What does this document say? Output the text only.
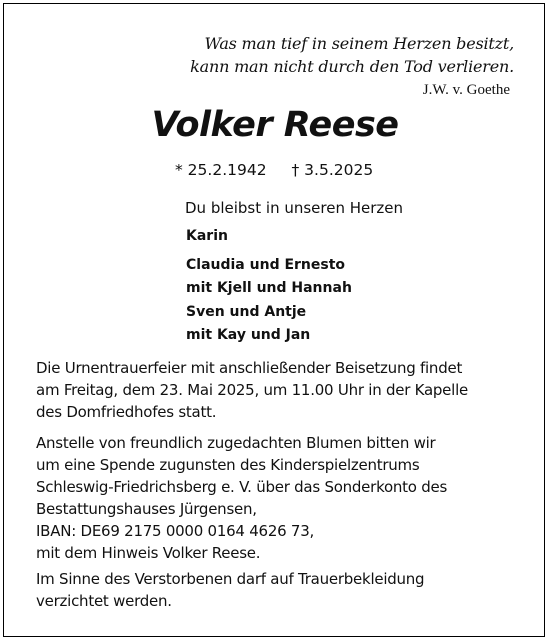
Was man tief in seinem Herzen besitzt,
kann man nicht durch den Tod verlieren.
J.W. v. Goethe
Volker Reese
* 25.2.1942 † 3.5.2025
Du bleibst in unseren Herzen
Karin
Claudia und Ernesto
mit Kjell und Hannah
Sven und Antje
mit Kay und Jan
Die Urnentrauerfeier mit anschließender Beisetzung findet
am Freitag, dem 23. Mai 2025, um 11.00 Uhr in der Kapelle
des Domfriedhofes statt.
Anstelle von freundlich zugedachten Blumen bitten wir
um eine Spende zugunsten des Kinderspielzentrums
Schleswig-Friedrichsberg e. V. über das Sonderkonto des
Bestattungshauses Jürgensen,
IBAN: DE69 2175 0000 0164 4626 73,
mit dem Hinweis Volker Reese.
Im Sinne des Verstorbenen darf auf Trauerbekleidung
verzichtet werden.
